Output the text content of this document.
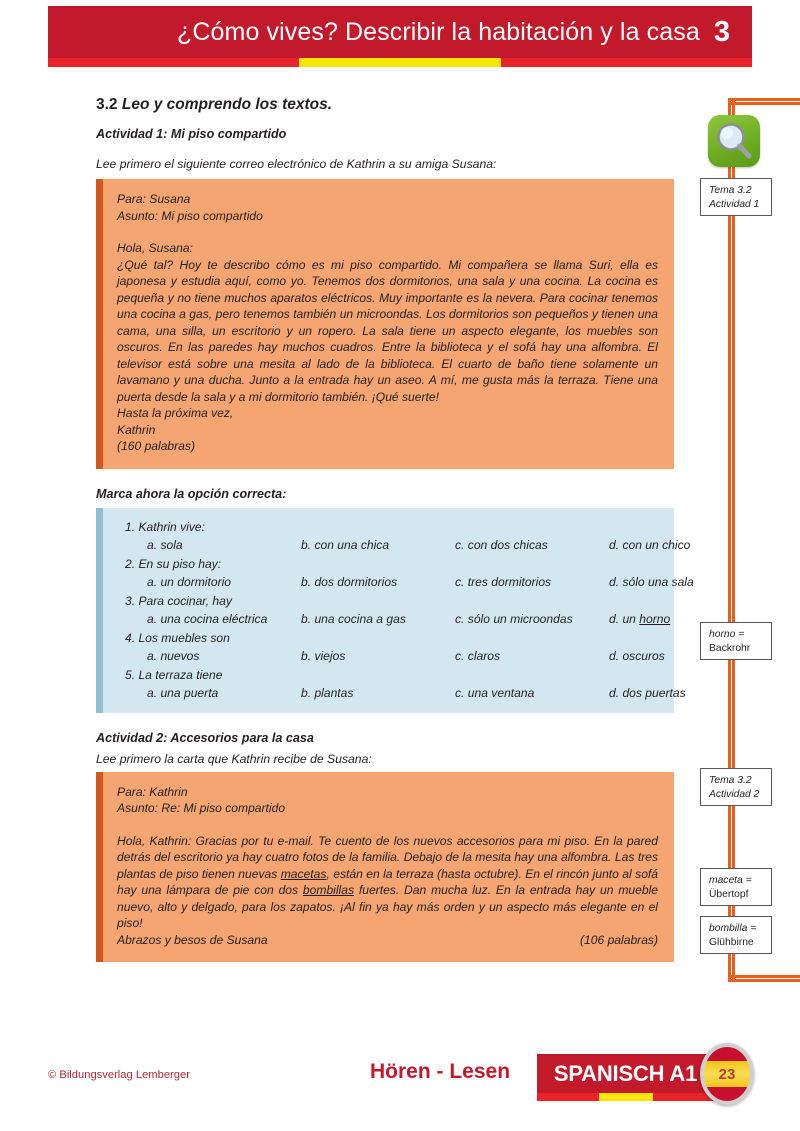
¿Cómo vives? Describir la habitación y la casa 3
3.2 Leo y comprendo los textos.
Actividad 1: Mi piso compartido
Lee primero el siguiente correo electrónico de Kathrin a su amiga Susana:

Para: Susana

Asunto: Mi piso compartido

Hola, Susana:

¿Qué tal? Hoy te describo cómo es mi piso compartido. Mi compañera se llama Suri, ella es japonesa y estudia aquí, como yo. Tenemos dos dormitorios, una sala y una cocina. La cocina es pequeña y no tiene muchos aparatos eléctricos. Muy importante es la nevera. Para cocinar tenemos una cocina a gas, pero tenemos también un microondas. Los dormitorios son pequeños y tienen una cama, una silla, un escritorio y un ropero. La sala tiene un aspecto elegante, los muebles son oscuros. En las paredes hay muchos cuadros. Entre la biblioteca y el sofá hay una alfombra. El televisor está sobre una mesita al lado de la biblioteca. El cuarto de baño tiene solamente un lavamano y una ducha. Junto a la entrada hay un aseo. A mí, me gusta más la terraza. Tiene una puerta desde la sala y a mi dormitorio también. ¡Qué suerte!

Hasta la próxima vez,

Kathrin

(160 palabras)

Marca ahora la opción correcta:
1. Kathrin vive:
a. sola	b. con una chica	c. con dos chicas	d. con un chico
2. En su piso hay:
a. un dormitorio	b. dos dormitorios	c. tres dormitorios	d. sólo una sala
3. Para cocinar, hay
a. una cocina eléctrica	b. una cocina a gas	c. sólo un microondas	d. un horno
4. Los muebles son
a. nuevos	b. viejos	c. claros	d. oscuros
5. La terraza tiene
a. una puerta	b. plantas	c. una ventana	d. dos puertas
Actividad 2: Accesorios para la casa
Lee primero la carta que Kathrin recibe de Susana:

Para: Kathrin

Asunto: Re: Mi piso compartido

Hola, Kathrin: Gracias por tu e-mail. Te cuento de los nuevos accesorios para mi piso. En la pared detrás del escritorio ya hay cuatro fotos de la familia. Debajo de la mesita hay una alfombra. Las tres plantas de piso tienen nuevas macetas, están en la terraza (hasta octubre). En el rincón junto al sofá hay una lámpara de pie con dos bombillas fuertes. Dan mucha luz. En la entrada hay un mueble nuevo, alto y delgado, para los zapatos. ¡Al fin ya hay más orden y un aspecto más elegante en el piso!

Abrazos y besos de Susana	(106 palabras)
Tema 3.2
Actividad 1
horno =
Backrohr
Tema 3.2
Actividad 2
maceta =
Übertopf
bombilla =
Glühbirne
© Bildungsverlag Lemberger	Hören - Lesen	SPANISCH A1	23
